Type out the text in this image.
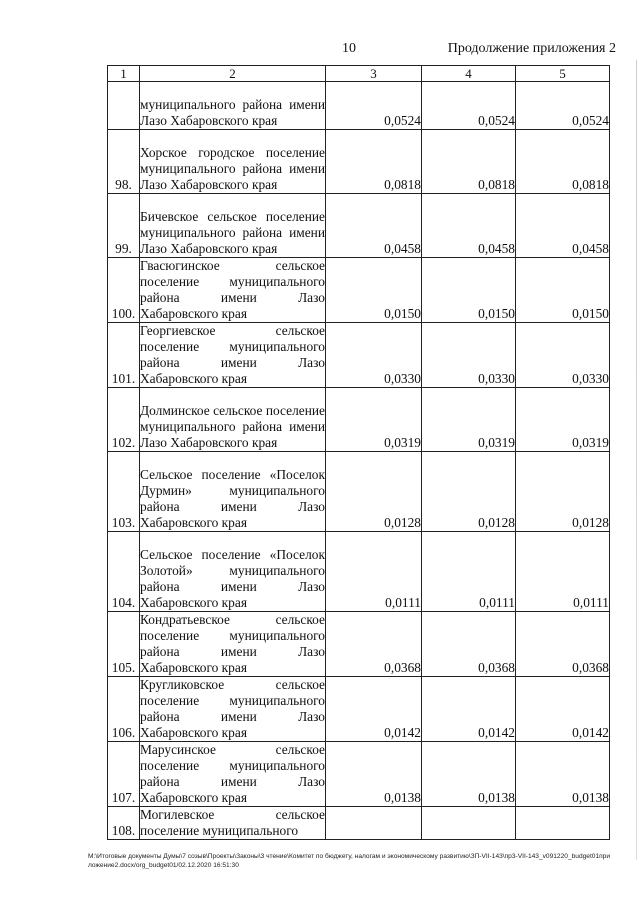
10	Продолжение приложения 2
1	2	3	4	5
	муниципального района имени Лазо Хабаровского края	0,0524	0,0524	0,0524
98.	Хорское городское поселение муниципального района имени Лазо Хабаровского края	0,0818	0,0818	0,0818
99.	Бичевское сельское поселение муниципального района имени Лазо Хабаровского края	0,0458	0,0458	0,0458
100.	Гвасюгинское сельское поселение муниципального района имени Лазо Хабаровского края	0,0150	0,0150	0,0150
101.	Георгиевское сельское поселение муниципального района имени Лазо Хабаровского края	0,0330	0,0330	0,0330
102.	Долминское сельское поселение муниципального района имени Лазо Хабаровского края	0,0319	0,0319	0,0319
103.	Сельское поселение «Поселок Дурмин» муниципального района имени Лазо Хабаровского края	0,0128	0,0128	0,0128
104.	Сельское поселение «Поселок Золотой» муниципального района имени Лазо Хабаровского края	0,0111	0,0111	0,0111
105.	Кондратьевское сельское поселение муниципального района имени Лазо Хабаровского края	0,0368	0,0368	0,0368
106.	Кругликовское сельское поселение муниципального района имени Лазо Хабаровского края	0,0142	0,0142	0,0142
107.	Марусинское сельское поселение муниципального района имени Лазо Хабаровского края	0,0138	0,0138	0,0138
108.	Могилевское сельское поселение муниципального			
M:\Итоговые документы Думы\7 созыв\Проекты\Законы\3 чтение\Комитет по бюджету, налогам и экономическому развитию\ЗП-VII-143\пр3-VII-143_v091220_budget01приложение2.docx/org_budget01/02.12.2020 16:51:30
